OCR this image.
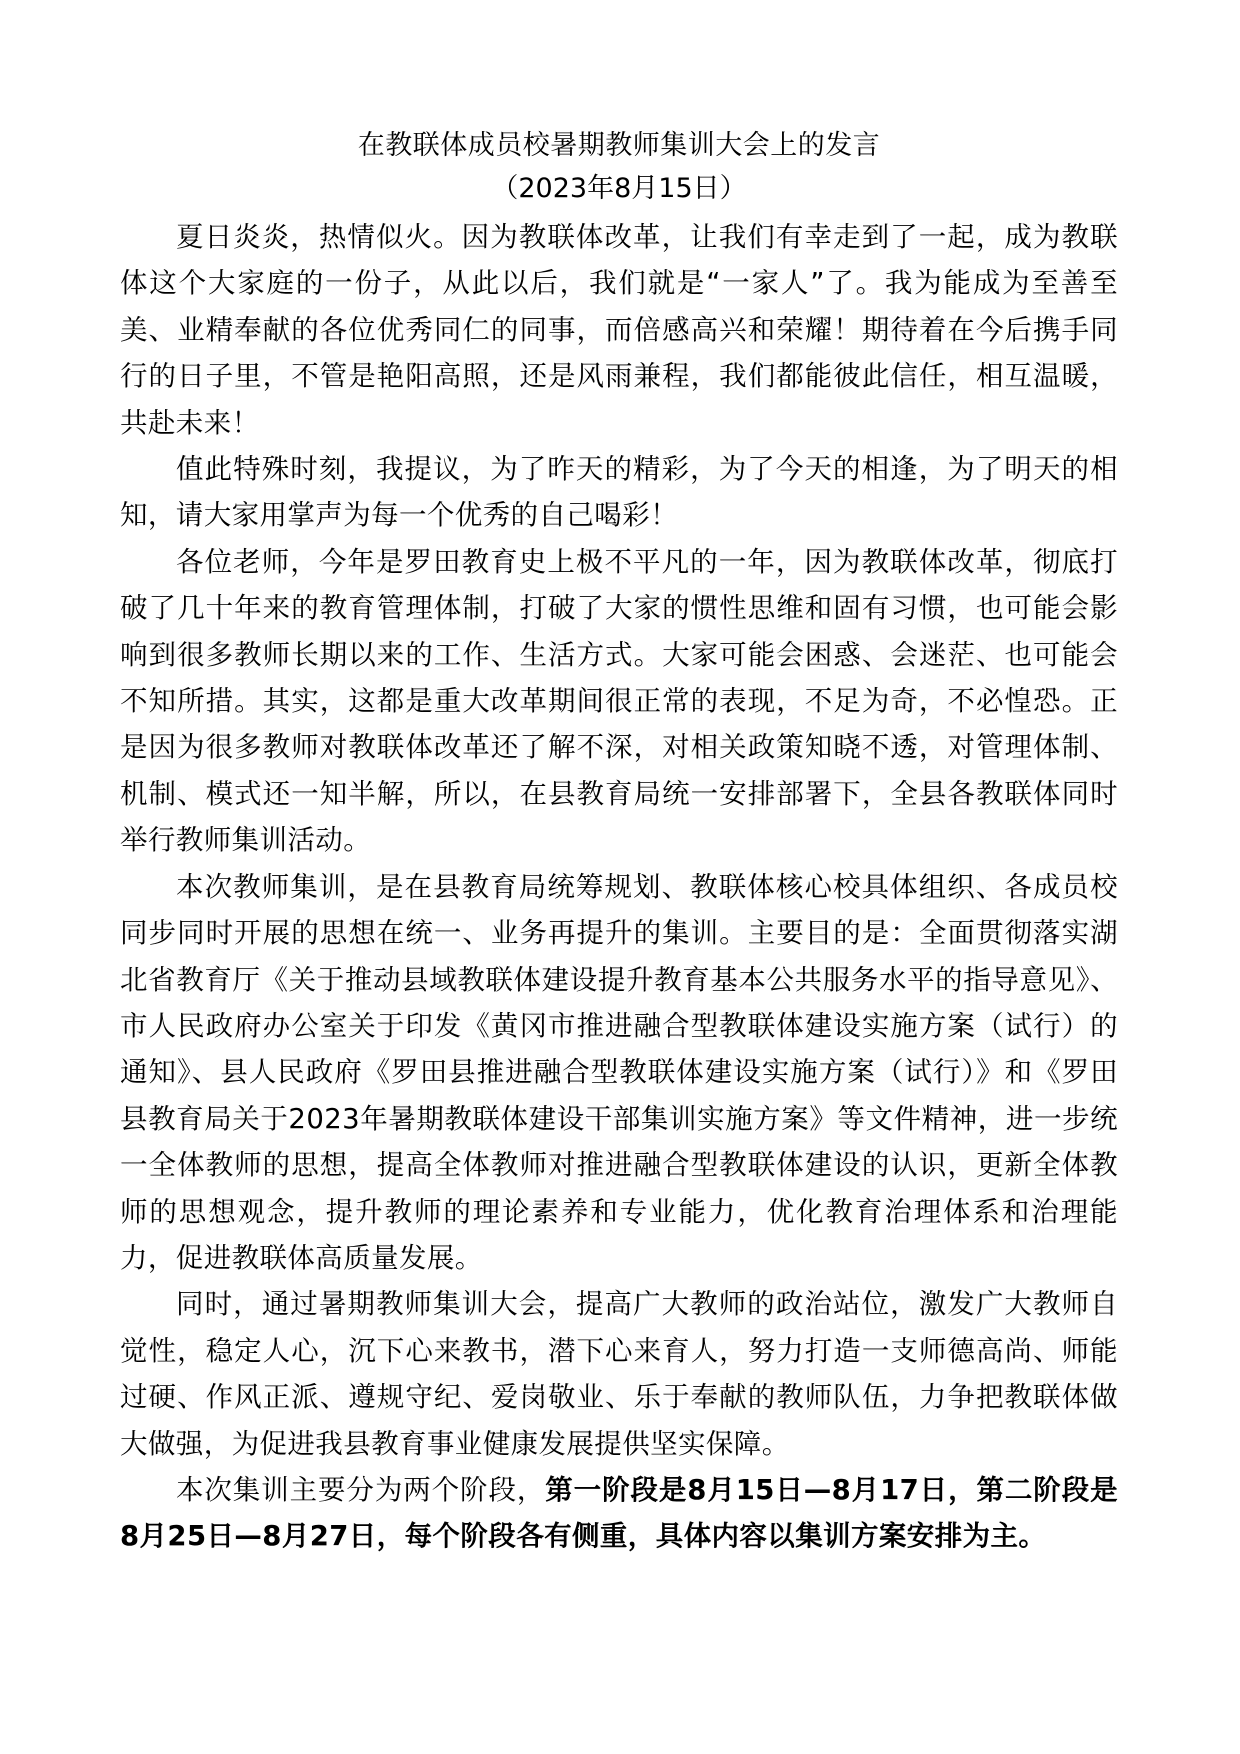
在教联体成员校暑期教师集训大会上的发言

（2023年8月15日）

夏日炎炎，热情似火。因为教联体改革，让我们有幸走到了一起，成为教联体这个大家庭的一份子，从此以后，我们就是“一家人”了。我为能成为至善至美、业精奉献的各位优秀同仁的同事，而倍感高兴和荣耀！期待着在今后携手同行的日子里，不管是艳阳高照，还是风雨兼程，我们都能彼此信任，相互温暖，共赴未来！

值此特殊时刻，我提议，为了昨天的精彩，为了今天的相逢，为了明天的相知，请大家用掌声为每一个优秀的自己喝彩！

各位老师，今年是罗田教育史上极不平凡的一年，因为教联体改革，彻底打破了几十年来的教育管理体制，打破了大家的惯性思维和固有习惯，也可能会影响到很多教师长期以来的工作、生活方式。大家可能会困惑、会迷茫、也可能会不知所措。其实，这都是重大改革期间很正常的表现，不足为奇，不必惶恐。正是因为很多教师对教联体改革还了解不深，对相关政策知晓不透，对管理体制、机制、模式还一知半解，所以，在县教育局统一安排部署下，全县各教联体同时举行教师集训活动。

本次教师集训，是在县教育局统筹规划、教联体核心校具体组织、各成员校同步同时开展的思想在统一、业务再提升的集训。主要目的是：全面贯彻落实湖北省教育厅《关于推动县域教联体建设提升教育基本公共服务水平的指导意见》、市人民政府办公室关于印发《黄冈市推进融合型教联体建设实施方案（试行）的通知》、县人民政府《罗田县推进融合型教联体建设实施方案（试行）》和《罗田县教育局关于2023年暑期教联体建设干部集训实施方案》等文件精神，进一步统一全体教师的思想，提高全体教师对推进融合型教联体建设的认识，更新全体教师的思想观念，提升教师的理论素养和专业能力，优化教育治理体系和治理能力，促进教联体高质量发展。

同时，通过暑期教师集训大会，提高广大教师的政治站位，激发广大教师自觉性，稳定人心，沉下心来教书，潜下心来育人，努力打造一支师德高尚、师能过硬、作风正派、遵规守纪、爱岗敬业、乐于奉献的教师队伍，力争把教联体做大做强，为促进我县教育事业健康发展提供坚实保障。

本次集训主要分为两个阶段，第一阶段是8月15日—8月17日，第二阶段是8月25日—8月27日，每个阶段各有侧重，具体内容以集训方案安排为主。
